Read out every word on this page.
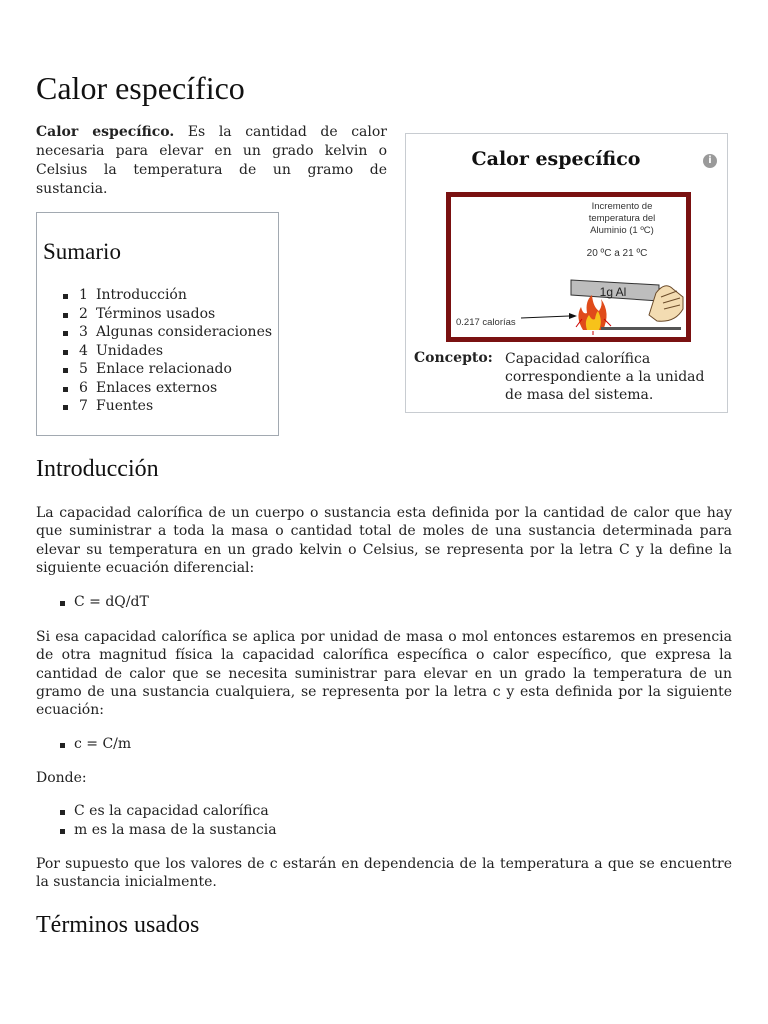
Calor específico

Calor específico. Es la cantidad de calor necesaria para elevar en un grado kelvin o Celsius la temperatura de un gramo de sustancia.

Calor específico
i
Incremento de
temperatura del
Aluminio (1 ºC)
20 ºC a 21 ºC
1g Al
0.217 calorías
Concepto: Capacidad calorífica correspondiente a la unidad de masa del sistema.
Sumario
1 Introducción
2 Términos usados
3 Algunas consideraciones
4 Unidades
5 Enlace relacionado
6 Enlaces externos
7 Fuentes
Introducción

La capacidad calorífica de un cuerpo o sustancia esta definida por la cantidad de calor que hay que suministrar a toda la masa o cantidad total de moles de una sustancia determinada para elevar su temperatura en un grado kelvin o Celsius, se representa por la letra C y la define la siguiente ecuación diferencial:

C = dQ/dT

Si esa capacidad calorífica se aplica por unidad de masa o mol entonces estaremos en presencia de otra magnitud física la capacidad calorífica específica o calor específico, que expresa la cantidad de calor que se necesita suministrar para elevar en un grado la temperatura de un gramo de una sustancia cualquiera, se representa por la letra c y esta definida por la siguiente ecuación:

c = C/m

Donde:

C es la capacidad calorífica
m es la masa de la sustancia

Por supuesto que los valores de c estarán en dependencia de la temperatura a que se encuentre la sustancia inicialmente.

Términos usados
